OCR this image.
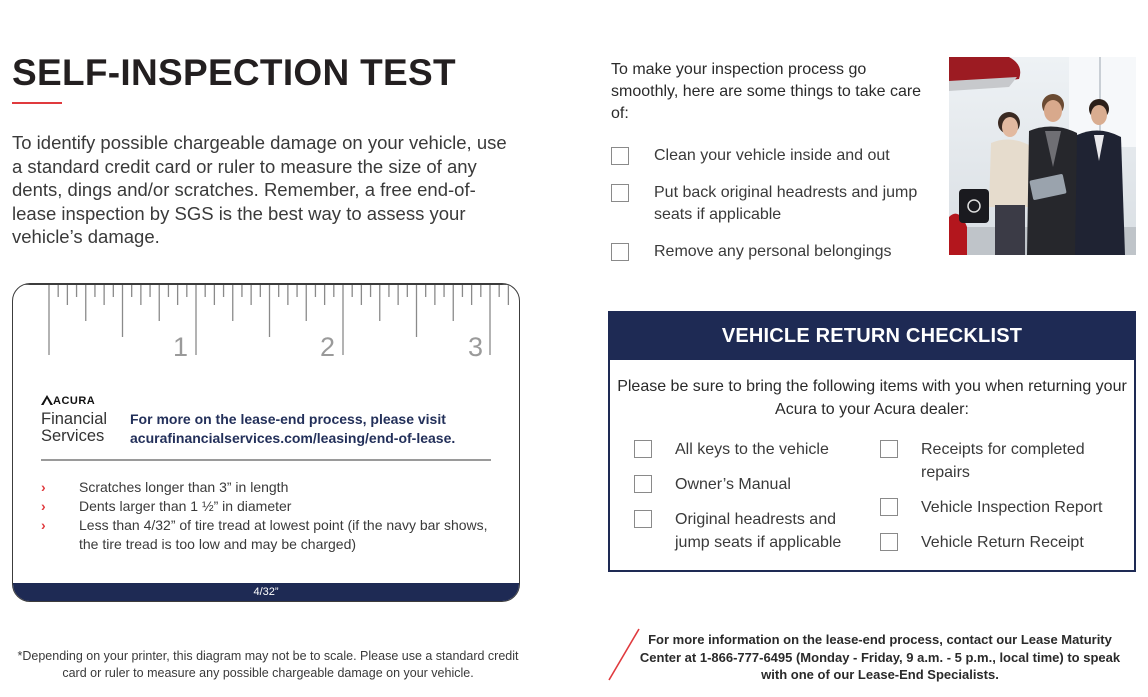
SELF-INSPECTION TEST

To identify possible chargeable damage on your vehicle, use a standard credit card or ruler to measure the size of any dents, dings and/or scratches. Remember, a free end-of-lease inspection by SGS is the best way to assess your vehicle’s damage.

1	2	3
ACURA
Financial
Services
For more on the lease-end process, please visit
acurafinancialservices.com/leasing/end-of-lease.
› Scratches longer than 3” in length
› Dents larger than 1 ½” in diameter
› Less than 4/32” of tire tread at lowest point (if the navy bar shows, the tire tread is too low and may be charged)
4/32”

*Depending on your printer, this diagram may not be to scale. Please use a standard credit card or ruler to measure any possible chargeable damage on your vehicle.

To make your inspection process go smoothly, here are some things to take care of:

Clean your vehicle inside and out
Put back original headrests and jump seats if applicable
Remove any personal belongings
VEHICLE RETURN CHECKLIST

Please be sure to bring the following items with you when returning your Acura to your Acura dealer:

All keys to the vehicle
Owner’s Manual
Original headrests and jump seats if applicable
Receipts for completed repairs
Vehicle Inspection Report
Vehicle Return Receipt

For more information on the lease-end process, contact our Lease Maturity Center at 1-866-777-6495 (Monday - Friday, 9 a.m. - 5 p.m., local time) to speak with one of our Lease-End Specialists.
